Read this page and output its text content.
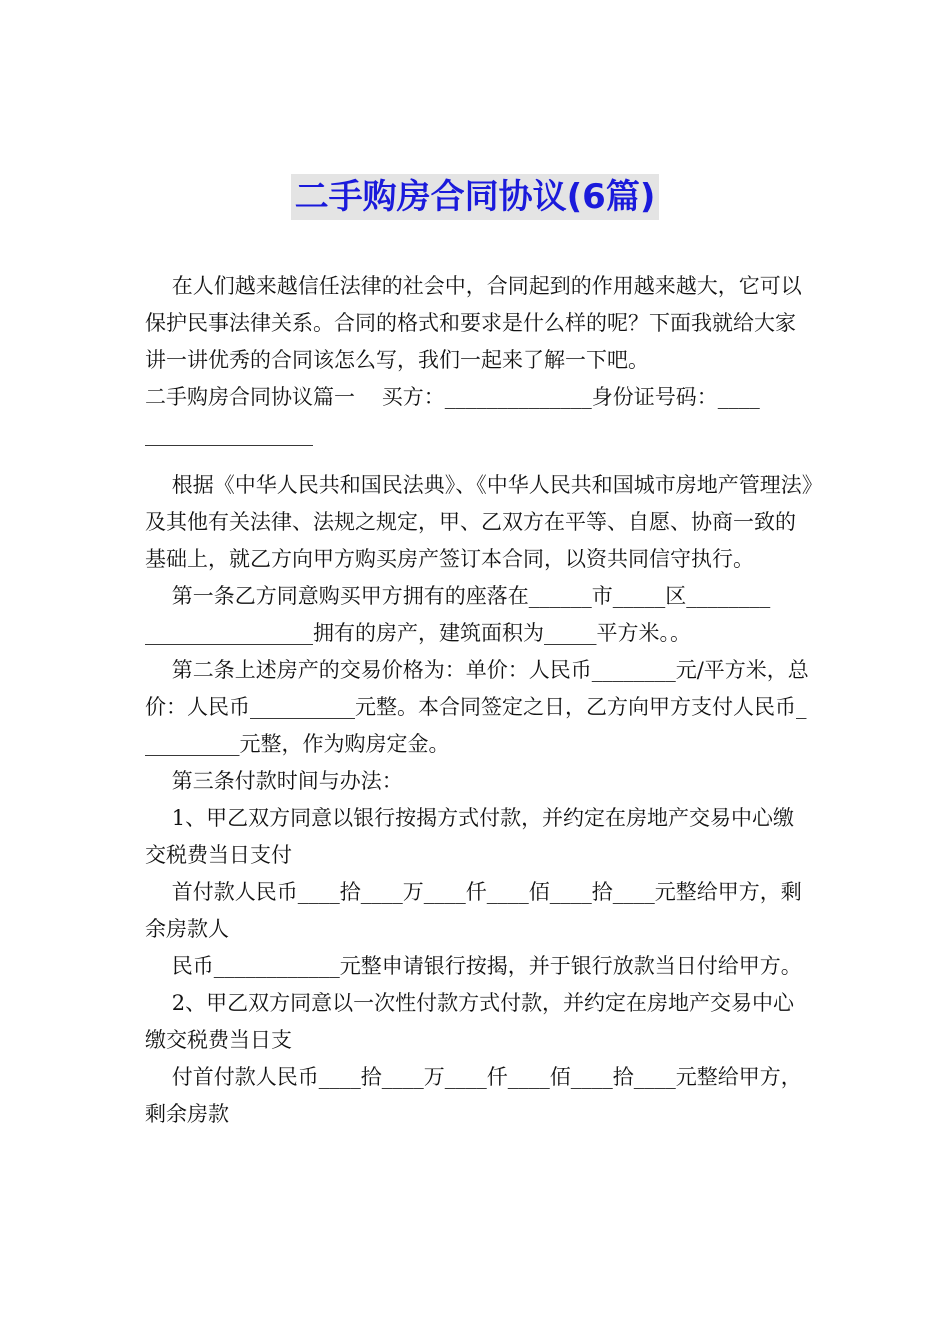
二手购房合同协议(6篇)

在人们越来越信任法律的社会中，合同起到的作用越来越大，它可以保护民事法律关系。合同的格式和要求是什么样的呢？下面我就给大家讲一讲优秀的合同该怎么写，我们一起来了解一下吧。

二手购房合同协议篇一    买方：______________身份证号码：____
________________

根据《中华人民共和国民法典》、《中华人民共和国城市房地产管理法》及其他有关法律、法规之规定，甲、乙双方在平等、自愿、协商一致的基础上，就乙方向甲方购买房产签订本合同，以资共同信守执行。

第一条乙方同意购买甲方拥有的座落在______市_____区________
________________拥有的房产，建筑面积为_____平方米。。

第二条上述房产的交易价格为：单价：人民币________元/平方米，总价：人民币__________元整。本合同签定之日，乙方向甲方支付人民币__________元整，作为购房定金。

第三条付款时间与办法：

1、甲乙双方同意以银行按揭方式付款，并约定在房地产交易中心缴交税费当日支付

首付款人民币____拾____万____仟____佰____拾____元整给甲方，剩余房款人

民币____________元整申请银行按揭，并于银行放款当日付给甲方。

2、甲乙双方同意以一次性付款方式付款，并约定在房地产交易中心缴交税费当日支

付首付款人民币____拾____万____仟____佰____拾____元整给甲方，剩余房款
